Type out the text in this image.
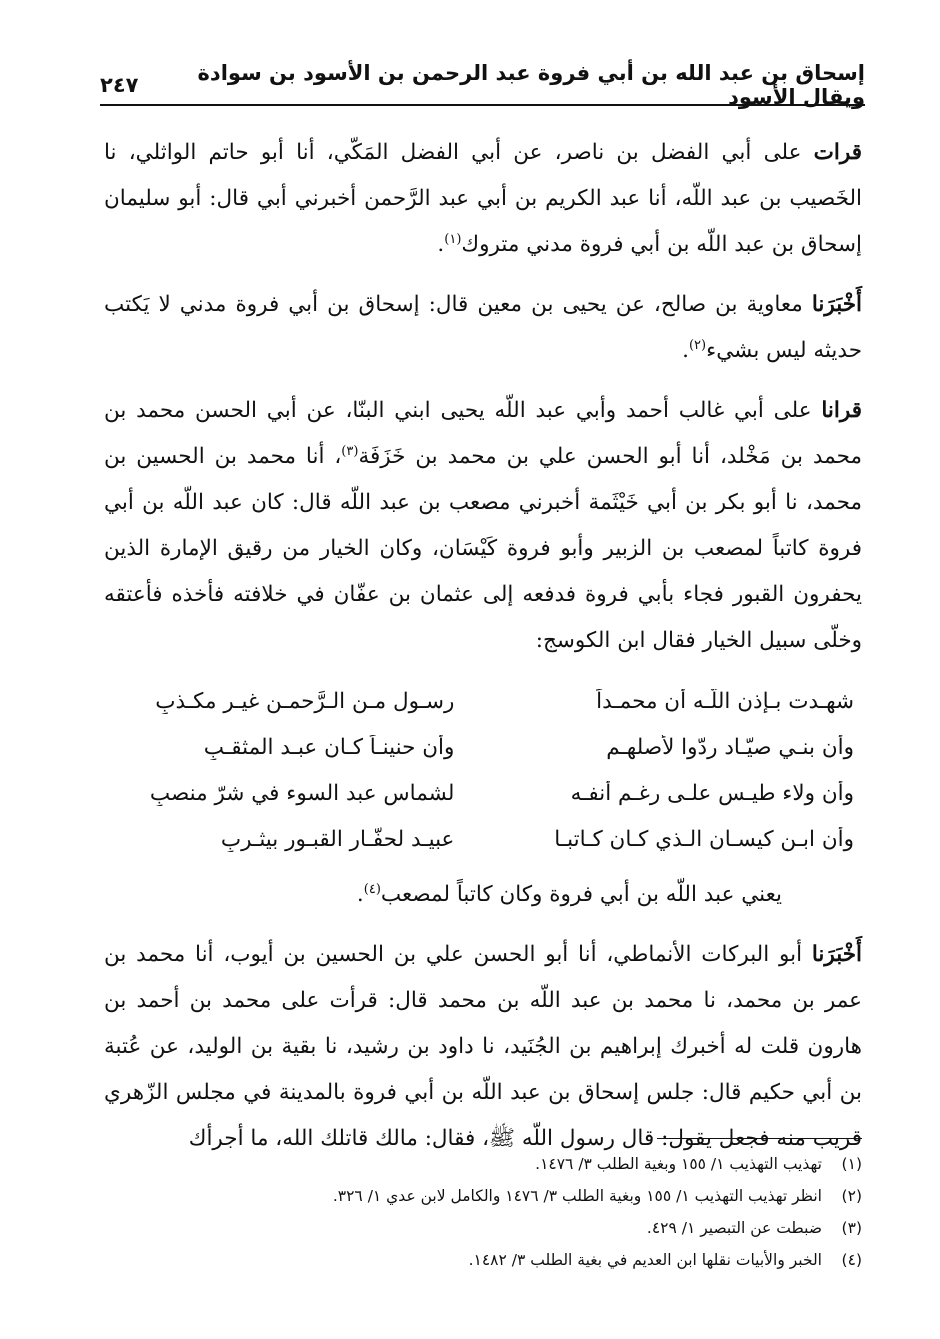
إسحاق بن عبد الله بن أبي فروة عبد الرحمن بن الأسود بن سوادة ويقال الأسود
٢٤٧

قرات على أبي الفضل بن ناصر، عن أبي الفضل المَكّي، أنا أبو حاتم الواثلي، نا الخَصيب بن عبد اللّه، أنا عبد الكريم بن أبي عبد الرَّحمن أخبرني أبي قال: أبو سليمان إسحاق بن عبد اللّه بن أبي فروة مدني متروك$^{(١)}$.

أَخْبَرَنا معاوية بن صالح، عن يحيى بن معين قال: إسحاق بن أبي فروة مدني لا يَكتب حديثه ليس بشيء$^{(٢)}$.

قرانا على أبي غالب أحمد وأبي عبد اللّه يحيى ابني البنّا، عن أبي الحسن محمد بن محمد بن مَخْلد، أنا أبو الحسن علي بن محمد بن خَزَفَة$^{(٣)}$، أنا محمد بن الحسين بن محمد، نا أبو بكر بن أبي خَيْثَمة أخبرني مصعب بن عبد اللّه قال: كان عبد اللّه بن أبي فروة كاتباً لمصعب بن الزبير وأبو فروة كَيْسَان، وكان الخيار من رقيق الإمارة الذين يحفرون القبور فجاء بأبي فروة فدفعه إلى عثمان بن عفّان في خلافته فأخذه فأعتقه وخلّى سبيل الخيار فقال ابن الكوسج:

شهـدت بـإذن اللّـه أن محمـداً
رسـول مـن الـرَّحمـن غيـر مكـذبِ
وأن بنـي صيّـاد ردّوا لأصلهـم
وأن حنينـاً كـان عبـد المثقـبِ
وأن ولاء طيـس علـى رغـم أنفـه
لشماس عبد السوء في شرّ منصبِ
وأن ابـن كيسـان الـذي كـان كـاتبـا
عبيـد لحفّـار القبـور بيثـربِ

يعني عبد اللّه بن أبي فروة وكان كاتباً لمصعب$^{(٤)}$.

أَخْبَرَنا أبو البركات الأنماطي، أنا أبو الحسن علي بن الحسين بن أيوب، أنا محمد بن عمر بن محمد، نا محمد بن عبد اللّه بن محمد قال: قرأت على محمد بن أحمد بن هارون قلت له أخبرك إبراهيم بن الجُنَيد، نا داود بن رشيد، نا بقية بن الوليد، عن عُتبة بن أبي حكيم قال: جلس إسحاق بن عبد اللّه بن أبي فروة بالمدينة في مجلس الزّهري قريب منه فجعل يقول: قال رسول اللّه ﷺ، فقال: مالك قاتلك الله، ما أجرأك

(١)
تهذيب التهذيب ١/ ١٥٥ وبغية الطلب ٣/ ١٤٧٦.
(٢)
انظر تهذيب التهذيب ١/ ١٥٥ وبغية الطلب ٣/ ١٤٧٦ والكامل لابن عدي ١/ ٣٢٦.
(٣)
ضبطت عن التبصير ١/ ٤٢٩.
(٤)
الخبر والأبيات نقلها ابن العديم في بغية الطلب ٣/ ١٤٨٢.
